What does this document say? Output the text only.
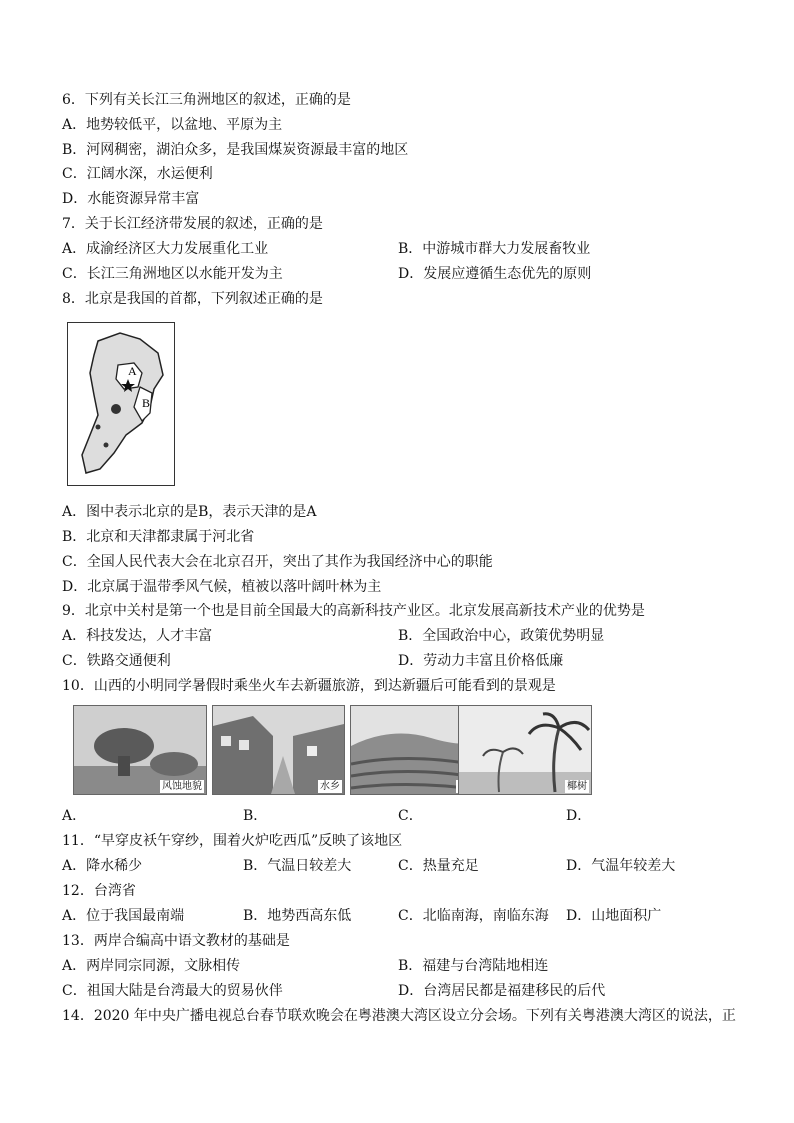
6．下列有关长江三角洲地区的叙述，正确的是
A．地势较低平，以盆地、平原为主
B．河网稠密，湖泊众多，是我国煤炭资源最丰富的地区
C．江阔水深，水运便利
D．水能资源异常丰富
7．关于长江经济带发展的叙述，正确的是
A．成渝经济区大力发展重化工业	B．中游城市群大力发展畜牧业
C．长江三角洲地区以水能开发为主	D．发展应遵循生态优先的原则
8．北京是我国的首都，下列叙述正确的是
A
B
A．图中表示北京的是B，表示天津的是A
B．北京和天津都隶属于河北省
C．全国人民代表大会在北京召开，突出了其作为我国经济中心的职能
D．北京属于温带季风气候，植被以落叶阔叶林为主
9．北京中关村是第一个也是目前全国最大的高新科技产业区。北京发展高新技术产业的优势是
A．科技发达，人才丰富	B．全国政治中心，政策优势明显
C．铁路交通便利	D．劳动力丰富且价格低廉
10．山西的小明同学暑假时乘坐火车去新疆旅游，到达新疆后可能看到的景观是
风蚀地貌	水乡	椰树
A．	B．	C．	D．
11．“早穿皮袄午穿纱，围着火炉吃西瓜”反映了该地区
A．降水稀少	B．气温日较差大	C．热量充足	D．气温年较差大
12．台湾省
A．位于我国最南端	B．地势西高东低	C．北临南海，南临东海 D．山地面积广
13．两岸合编高中语文教材的基础是
A．两岸同宗同源，文脉相传	B．福建与台湾陆地相连
C．祖国大陆是台湾最大的贸易伙伴	D．台湾居民都是福建移民的后代
14．2020 年中央广播电视总台春节联欢晚会在粤港澳大湾区设立分会场。下列有关粤港澳大湾区的说法，正
